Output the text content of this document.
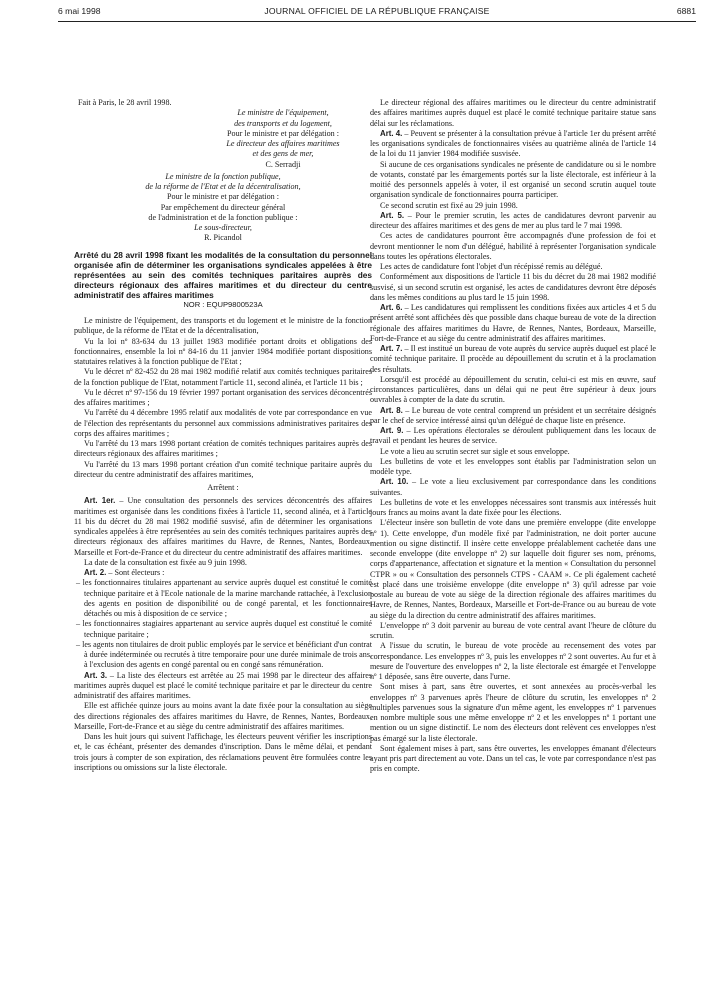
6 mai 1998	JOURNAL OFFICIEL DE LA RÉPUBLIQUE FRANÇAISE	6881

Fait à Paris, le 28 avril 1998.

Le ministre de l'équipement,

des transports et du logement,

Pour le ministre et par délégation :

Le directeur des affaires maritimes

et des gens de mer,

C. Serradji

Le ministre de la fonction publique,

de la réforme de l'Etat et de la décentralisation,

Pour le ministre et par délégation :

Par empêchement du directeur général

de l'administration et de la fonction publique :

Le sous-directeur,

R. Picandol

Arrêté du 28 avril 1998 fixant les modalités de la consultation du personnel organisée afin de déterminer les organisations syndicales appelées à être représentées au sein des comités techniques paritaires auprès des directeurs régionaux des affaires maritimes et du directeur du centre administratif des affaires maritimes

NOR : EQUP9800523A

Le ministre de l'équipement, des transports et du logement et le ministre de la fonction publique, de la réforme de l'Etat et de la décentralisation,

Vu la loi nº 83-634 du 13 juillet 1983 modifiée portant droits et obligations des fonctionnaires, ensemble la loi nº 84-16 du 11 janvier 1984 modifiée portant dispositions statutaires relatives à la fonction publique de l'Etat ;

Vu le décret nº 82-452 du 28 mai 1982 modifié relatif aux comités techniques paritaires de la fonction publique de l'Etat, notamment l'article 11, second alinéa, et l'article 11 bis ;

Vu le décret nº 97-156 du 19 février 1997 portant organisation des services déconcentrés des affaires maritimes ;

Vu l'arrêté du 4 décembre 1995 relatif aux modalités de vote par correspondance en vue de l'élection des représentants du personnel aux commissions administratives paritaires des corps des affaires maritimes ;

Vu l'arrêté du 13 mars 1998 portant création de comités techniques paritaires auprès des directeurs régionaux des affaires maritimes ;

Vu l'arrêté du 13 mars 1998 portant création d'un comité technique paritaire auprès du directeur du centre administratif des affaires maritimes,

Arrêtent :

Art. 1er. – Une consultation des personnels des services déconcentrés des affaires maritimes est organisée dans les conditions fixées à l'article 11, second alinéa, et à l'article 11 bis du décret du 28 mai 1982 modifié susvisé, afin de déterminer les organisations syndicales appelées à être représentées au sein des comités techniques paritaires auprès des directeurs régionaux des affaires maritimes du Havre, de Rennes, Nantes, Bordeaux, Marseille et Fort-de-France et du directeur du centre administratif des affaires maritimes.

La date de la consultation est fixée au 9 juin 1998.

Art. 2. – Sont électeurs :

– les fonctionnaires titulaires appartenant au service auprès duquel est constitué le comité technique paritaire et à l'Ecole nationale de la marine marchande rattachée, à l'exclusion des agents en position de disponibilité ou de congé parental, et les fonctionnaires détachés ou mis à disposition de ce service ;

– les fonctionnaires stagiaires appartenant au service auprès duquel est constitué le comité technique paritaire ;

– les agents non titulaires de droit public employés par le service et bénéficiant d'un contrat à durée indéterminée ou recrutés à titre temporaire pour une durée minimale de trois ans, à l'exclusion des agents en congé parental ou en congé sans rémunération.

Art. 3. – La liste des électeurs est arrêtée au 25 mai 1998 par le directeur des affaires maritimes auprès duquel est placé le comité technique paritaire et par le directeur du centre administratif des affaires maritimes.

Elle est affichée quinze jours au moins avant la date fixée pour la consultation au siège des directions régionales des affaires maritimes du Havre, de Rennes, Nantes, Bordeaux, Marseille, Fort-de-France et au siège du centre administratif des affaires maritimes.

Dans les huit jours qui suivent l'affichage, les électeurs peuvent vérifier les inscriptions et, le cas échéant, présenter des demandes d'inscription. Dans le même délai, et pendant trois jours à compter de son expiration, des réclamations peuvent être formulées contre les inscriptions ou omissions sur la liste électorale.

Le directeur régional des affaires maritimes ou le directeur du centre administratif des affaires maritimes auprès duquel est placé le comité technique paritaire statue sans délai sur les réclamations.

Art. 4. – Peuvent se présenter à la consultation prévue à l'article 1er du présent arrêté les organisations syndicales de fonctionnaires visées au quatrième alinéa de l'article 14 de la loi du 11 janvier 1984 modifiée susvisée.

Si aucune de ces organisations syndicales ne présente de candidature ou si le nombre de votants, constaté par les émargements portés sur la liste électorale, est inférieur à la moitié des personnels appelés à voter, il est organisé un second scrutin auquel toute organisation syndicale de fonctionnaires pourra participer.

Ce second scrutin est fixé au 29 juin 1998.

Art. 5. – Pour le premier scrutin, les actes de candidatures devront parvenir au directeur des affaires maritimes et des gens de mer au plus tard le 7 mai 1998.

Ces actes de candidatures pourront être accompagnés d'une profession de foi et devront mentionner le nom d'un délégué, habilité à représenter l'organisation syndicale dans toutes les opérations électorales.

Les actes de candidature font l'objet d'un récépissé remis au délégué.

Conformément aux dispositions de l'article 11 bis du décret du 28 mai 1982 modifié susvisé, si un second scrutin est organisé, les actes de candidatures devront être déposés dans les mêmes conditions au plus tard le 15 juin 1998.

Art. 6. – Les candidatures qui remplissent les conditions fixées aux articles 4 et 5 du présent arrêté sont affichées dès que possible dans chaque bureau de vote de la direction régionale des affaires maritimes du Havre, de Rennes, Nantes, Bordeaux, Marseille, Fort-de-France et au siège du centre administratif des affaires maritimes.

Art. 7. – Il est institué un bureau de vote auprès du service auprès duquel est placé le comité technique paritaire. Il procède au dépouillement du scrutin et à la proclamation des résultats.

Lorsqu'il est procédé au dépouillement du scrutin, celui-ci est mis en œuvre, sauf circonstances particulières, dans un délai qui ne peut être supérieur à deux jours ouvrables à compter de la date du scrutin.

Art. 8. – Le bureau de vote central comprend un président et un secrétaire désignés par le chef de service intéressé ainsi qu'un délégué de chaque liste en présence.

Art. 9. – Les opérations électorales se déroulent publiquement dans les locaux de travail et pendant les heures de service.

Le vote a lieu au scrutin secret sur sigle et sous enveloppe.

Les bulletins de vote et les enveloppes sont établis par l'administration selon un modèle type.

Art. 10. – Le vote a lieu exclusivement par correspondance dans les conditions suivantes.

Les bulletins de vote et les enveloppes nécessaires sont transmis aux intéressés huit jours francs au moins avant la date fixée pour les élections.

L'électeur insère son bulletin de vote dans une première enveloppe (dite enveloppe nº 1). Cette enveloppe, d'un modèle fixé par l'administration, ne doit porter aucune mention ou signe distinctif. Il insère cette enveloppe préalablement cachetée dans une seconde enveloppe (dite enveloppe nº 2) sur laquelle doit figurer ses nom, prénoms, corps d'appartenance, affectation et signature et la mention « Consultation du personnel CTPR » ou « Consultation des personnels CTPS - CAAM ». Ce pli également cacheté est placé dans une troisième enveloppe (dite enveloppe nº 3) qu'il adresse par voie postale au bureau de vote au siège de la direction régionale des affaires maritimes du Havre, de Rennes, Nantes, Bordeaux, Marseille et Fort-de-France ou au bureau de vote au siège du la direction du centre administratif des affaires maritimes.

L'enveloppe nº 3 doit parvenir au bureau de vote central avant l'heure de clôture du scrutin.

A l'issue du scrutin, le bureau de vote procède au recensement des votes par correspondance. Les enveloppes nº 3, puis les enveloppes nº 2 sont ouvertes. Au fur et à mesure de l'ouverture des enveloppes nº 2, la liste électorale est émargée et l'enveloppe nº 1 déposée, sans être ouverte, dans l'urne.

Sont mises à part, sans être ouvertes, et sont annexées au procès-verbal les enveloppes nº 3 parvenues après l'heure de clôture du scrutin, les enveloppes nº 2 multiples parvenues sous la signature d'un même agent, les enveloppes nº 1 parvenues en nombre multiple sous une même enveloppe nº 2 et les enveloppes nº 1 portant une mention ou un signe distinctif. Le nom des électeurs dont relèvent ces enveloppes n'est pas émargé sur la liste électorale.

Sont également mises à part, sans être ouvertes, les enveloppes émanant d'électeurs ayant pris part directement au vote. Dans un tel cas, le vote par correspondance n'est pas pris en compte.
